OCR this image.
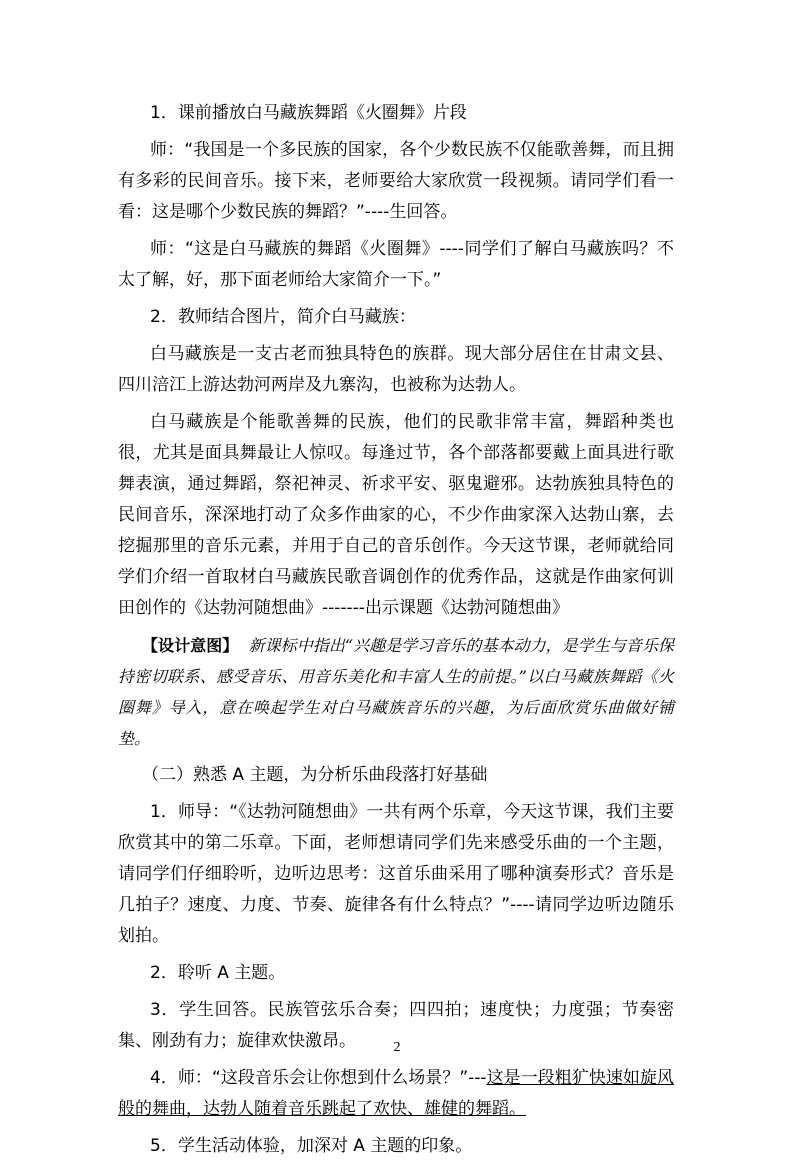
1．课前播放白马藏族舞蹈《火圈舞》片段

师：“我国是一个多民族的国家，各个少数民族不仅能歌善舞，而且拥有多彩的民间音乐。接下来，老师要给大家欣赏一段视频。请同学们看一看：这是哪个少数民族的舞蹈？”----生回答。

师：“这是白马藏族的舞蹈《火圈舞》----同学们了解白马藏族吗？不太了解，好，那下面老师给大家简介一下。”

2．教师结合图片，简介白马藏族：

白马藏族是一支古老而独具特色的族群。现大部分居住在甘肃文县、四川涪江上游达勃河两岸及九寨沟，也被称为达勃人。

白马藏族是个能歌善舞的民族，他们的民歌非常丰富，舞蹈种类也很，尤其是面具舞最让人惊叹。每逢过节，各个部落都要戴上面具进行歌舞表演，通过舞蹈，祭祀神灵、祈求平安、驱鬼避邪。达勃族独具特色的民间音乐，深深地打动了众多作曲家的心，不少作曲家深入达勃山寨，去挖掘那里的音乐元素，并用于自己的音乐创作。今天这节课，老师就给同学们介绍一首取材白马藏族民歌音调创作的优秀作品，这就是作曲家何训田创作的《达勃河随想曲》-------出示课题《达勃河随想曲》

【设计意图】 新课标中指出“兴趣是学习音乐的基本动力，是学生与音乐保持密切联系、感受音乐、用音乐美化和丰富人生的前提。”以白马藏族舞蹈《火圈舞》导入，意在唤起学生对白马藏族音乐的兴趣，为后面欣赏乐曲做好铺垫。

（二）熟悉 A 主题，为分析乐曲段落打好基础

1．师导：“《达勃河随想曲》一共有两个乐章，今天这节课，我们主要欣赏其中的第二乐章。下面，老师想请同学们先来感受乐曲的一个主题，请同学们仔细聆听，边听边思考：这首乐曲采用了哪种演奏形式？音乐是几拍子？速度、力度、节奏、旋律各有什么特点？”----请同学边听边随乐划拍。

2．聆听 A 主题。

3．学生回答。民族管弦乐合奏；四四拍；速度快；力度强；节奏密集、刚劲有力；旋律欢快激昂。

4．师：“这段音乐会让你想到什么场景？”---这是一段粗犷快速如旋风般的舞曲，达勃人随着音乐跳起了欢快、雄健的舞蹈。

5．学生活动体验，加深对 A 主题的印象。

2
